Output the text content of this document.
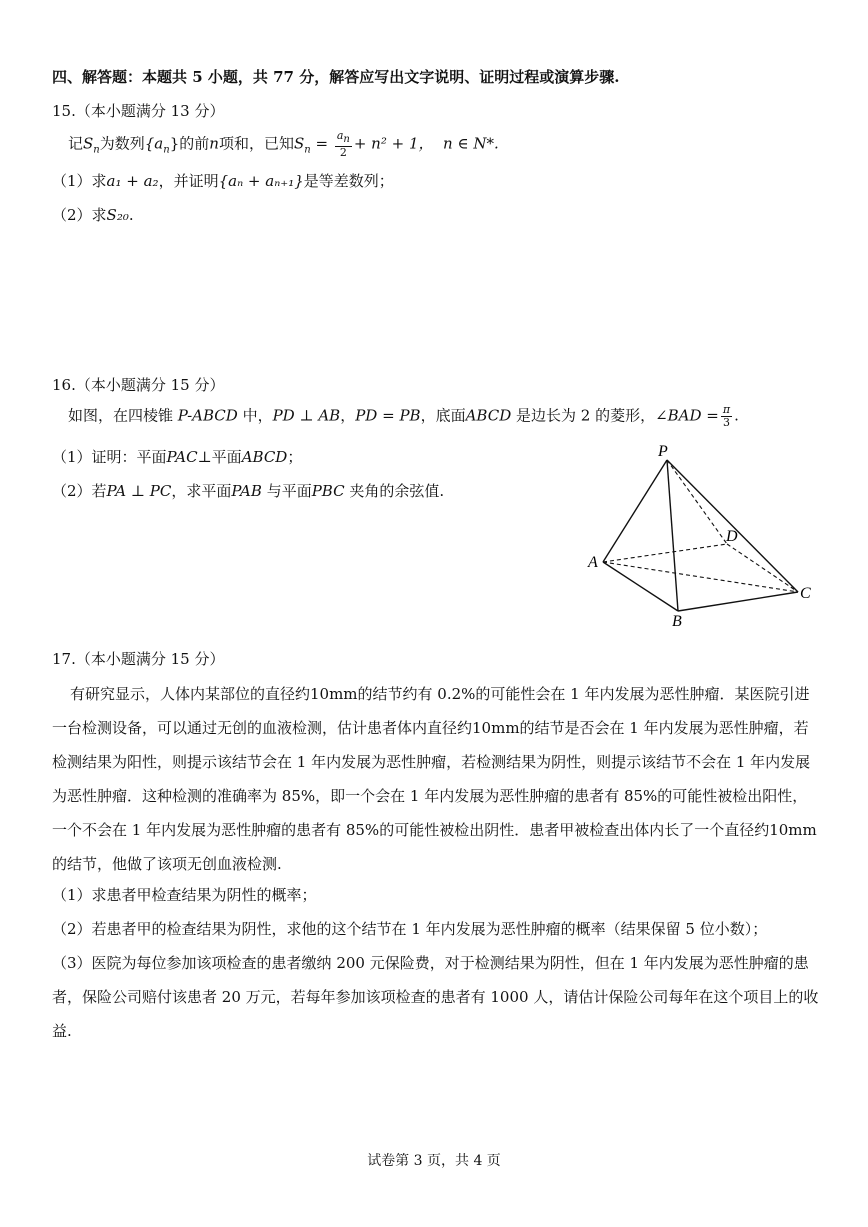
四、解答题：本题共 5 小题，共 77 分，解答应写出文字说明、证明过程或演算步骤.
15.（本小题满分 13 分）
记$S_n$为数列$\{a_n\}$的前n项和，已知$S_n = \frac{a_n}{2} + n^2 + 1$， n ∈ N*.
（1）求a₁ + a₂，并证明{aₙ + aₙ₊₁}是等差数列；
（2）求S₂₀.
16.（本小题满分 15 分）
如图，在四棱锥 P-ABCD 中，PD ⊥ AB，PD = PB，底面ABCD 是边长为 2 的菱形，∠BAD = $\frac{\pi}{3}$ .
（1）证明：平面PAC⊥平面ABCD；
（2）若PA ⊥ PC，求平面PAB 与平面PBC 夹角的余弦值.
P
A
B
C
D
17.（本小题满分 15 分）
有研究显示，人体内某部位的直径约10mm的结节约有 0.2%的可能性会在 1 年内发展为恶性肿瘤．某医院引进一台检测设备，可以通过无创的血液检测，估计患者体内直径约10mm的结节是否会在 1 年内发展为恶性肿瘤，若检测结果为阳性，则提示该结节会在 1 年内发展为恶性肿瘤，若检测结果为阴性，则提示该结节不会在 1 年内发展为恶性肿瘤．这种检测的准确率为 85%，即一个会在 1 年内发展为恶性肿瘤的患者有 85%的可能性被检出阳性，一个不会在 1 年内发展为恶性肿瘤的患者有 85%的可能性被检出阴性．患者甲被检查出体内长了一个直径约10mm的结节，他做了该项无创血液检测.
（1）求患者甲检查结果为阴性的概率；
（2）若患者甲的检查结果为阴性，求他的这个结节在 1 年内发展为恶性肿瘤的概率（结果保留 5 位小数）；
（3）医院为每位参加该项检查的患者缴纳 200 元保险费，对于检测结果为阴性，但在 1 年内发展为恶性肿瘤的患者，保险公司赔付该患者 20 万元，若每年参加该项检查的患者有 1000 人，请估计保险公司每年在这个项目上的收益.
试卷第 3 页，共 4 页
